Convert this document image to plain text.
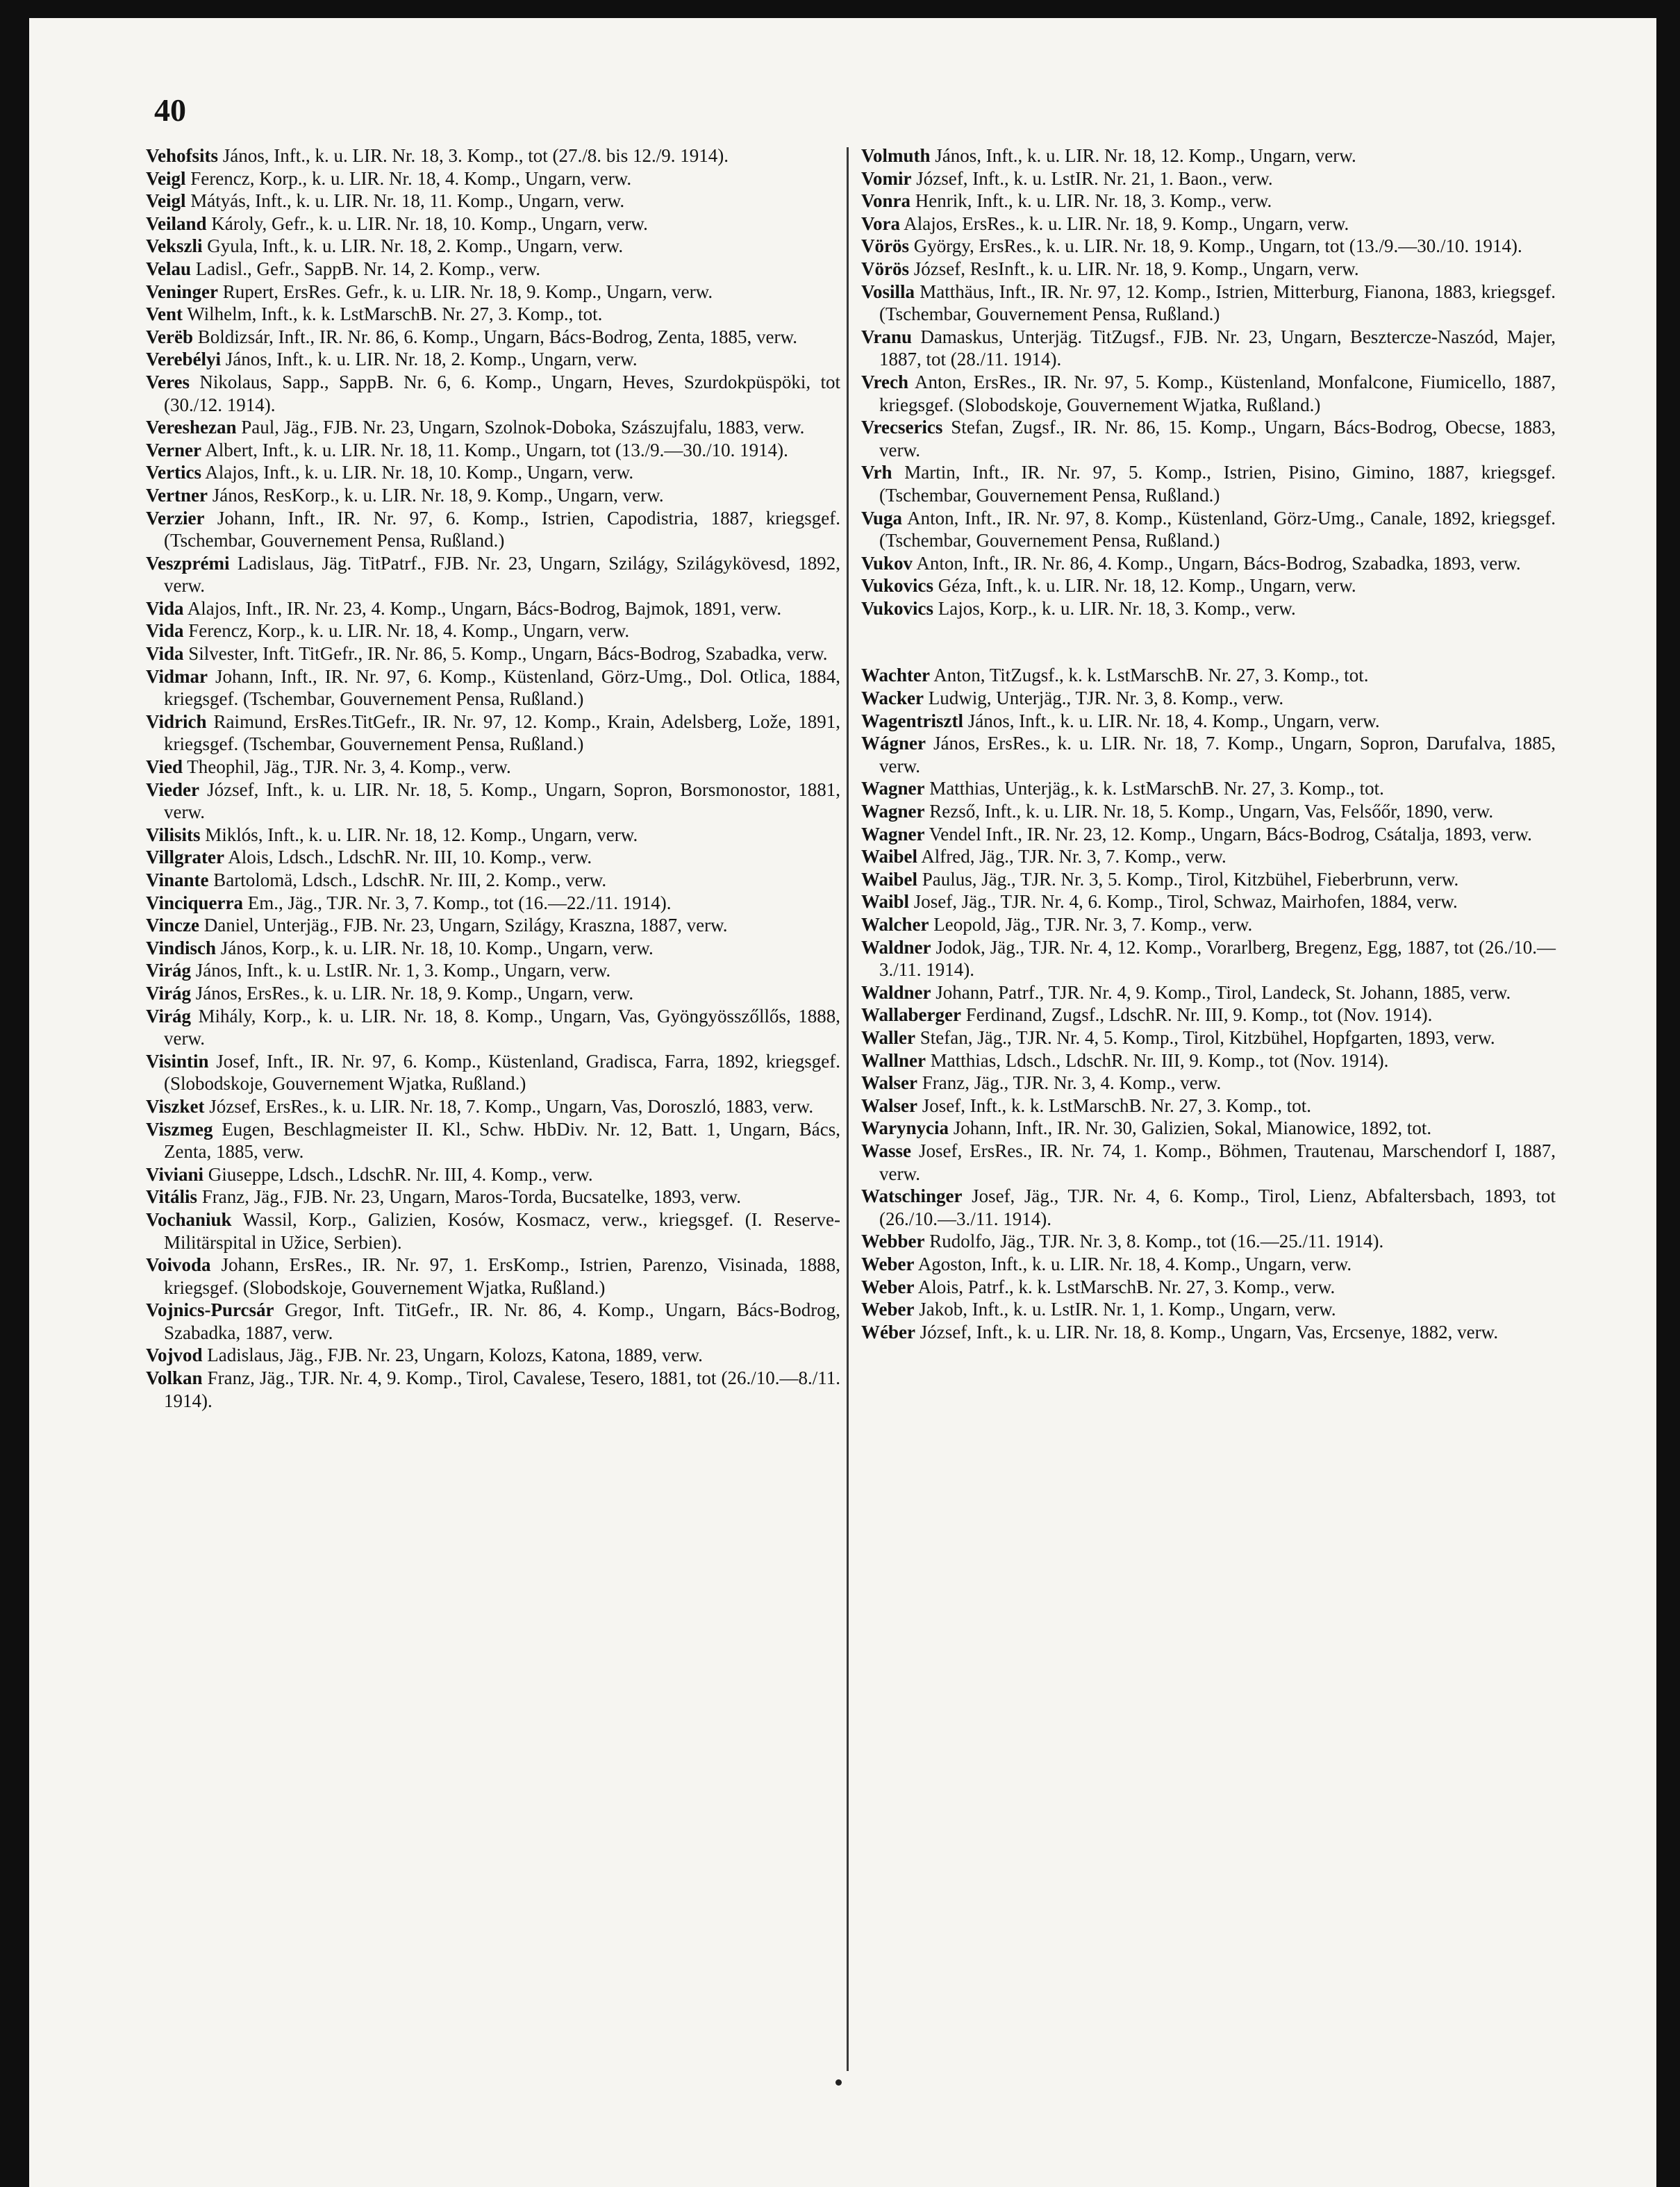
40

Vehofsits János, Inft., k. u. LIR. Nr. 18, 3. Komp., tot (27./8. bis 12./9. 1914).

Veigl Ferencz, Korp., k. u. LIR. Nr. 18, 4. Komp., Ungarn, verw.

Veigl Mátyás, Inft., k. u. LIR. Nr. 18, 11. Komp., Ungarn, verw.

Veiland Károly, Gefr., k. u. LIR. Nr. 18, 10. Komp., Ungarn, verw.

Vekszli Gyula, Inft., k. u. LIR. Nr. 18, 2. Komp., Ungarn, verw.

Velau Ladisl., Gefr., SappB. Nr. 14, 2. Komp., verw.

Veninger Rupert, ErsRes. Gefr., k. u. LIR. Nr. 18, 9. Komp., Ungarn, verw.

Vent Wilhelm, Inft., k. k. LstMarschB. Nr. 27, 3. Komp., tot.

Verëb Boldizsár, Inft., IR. Nr. 86, 6. Komp., Ungarn, Bács-Bodrog, Zenta, 1885, verw.

Verebélyi János, Inft., k. u. LIR. Nr. 18, 2. Komp., Ungarn, verw.

Veres Nikolaus, Sapp., SappB. Nr. 6, 6. Komp., Ungarn, Heves, Szurdokpüspöki, tot (30./12. 1914).

Vereshezan Paul, Jäg., FJB. Nr. 23, Ungarn, Szolnok-Doboka, Szászujfalu, 1883, verw.

Verner Albert, Inft., k. u. LIR. Nr. 18, 11. Komp., Ungarn, tot (13./9.—30./10. 1914).

Vertics Alajos, Inft., k. u. LIR. Nr. 18, 10. Komp., Ungarn, verw.

Vertner János, ResKorp., k. u. LIR. Nr. 18, 9. Komp., Ungarn, verw.

Verzier Johann, Inft., IR. Nr. 97, 6. Komp., Istrien, Capodistria, 1887, kriegsgef. (Tschembar, Gouvernement Pensa, Rußland.)

Veszprémi Ladislaus, Jäg. TitPatrf., FJB. Nr. 23, Ungarn, Szilágy, Szilágykövesd, 1892, verw.

Vida Alajos, Inft., IR. Nr. 23, 4. Komp., Ungarn, Bács-Bodrog, Bajmok, 1891, verw.

Vida Ferencz, Korp., k. u. LIR. Nr. 18, 4. Komp., Ungarn, verw.

Vida Silvester, Inft. TitGefr., IR. Nr. 86, 5. Komp., Ungarn, Bács-Bodrog, Szabadka, verw.

Vidmar Johann, Inft., IR. Nr. 97, 6. Komp., Küstenland, Görz-Umg., Dol. Otlica, 1884, kriegsgef. (Tschembar, Gouvernement Pensa, Rußland.)

Vidrich Raimund, ErsRes.TitGefr., IR. Nr. 97, 12. Komp., Krain, Adelsberg, Lože, 1891, kriegsgef. (Tschembar, Gouvernement Pensa, Rußland.)

Vied Theophil, Jäg., TJR. Nr. 3, 4. Komp., verw.

Vieder József, Inft., k. u. LIR. Nr. 18, 5. Komp., Ungarn, Sopron, Borsmonostor, 1881, verw.

Vilisits Miklós, Inft., k. u. LIR. Nr. 18, 12. Komp., Ungarn, verw.

Villgrater Alois, Ldsch., LdschR. Nr. III, 10. Komp., verw.

Vinante Bartolomä, Ldsch., LdschR. Nr. III, 2. Komp., verw.

Vinciquerra Em., Jäg., TJR. Nr. 3, 7. Komp., tot (16.—22./11. 1914).

Vincze Daniel, Unterjäg., FJB. Nr. 23, Ungarn, Szilágy, Kraszna, 1887, verw.

Vindisch János, Korp., k. u. LIR. Nr. 18, 10. Komp., Ungarn, verw.

Virág János, Inft., k. u. LstIR. Nr. 1, 3. Komp., Ungarn, verw.

Virág János, ErsRes., k. u. LIR. Nr. 18, 9. Komp., Ungarn, verw.

Virág Mihály, Korp., k. u. LIR. Nr. 18, 8. Komp., Ungarn, Vas, Gyöngyösszőllős, 1888, verw.

Visintin Josef, Inft., IR. Nr. 97, 6. Komp., Küstenland, Gradisca, Farra, 1892, kriegsgef. (Slobodskoje, Gouvernement Wjatka, Rußland.)

Viszket József, ErsRes., k. u. LIR. Nr. 18, 7. Komp., Ungarn, Vas, Doroszló, 1883, verw.

Viszmeg Eugen, Beschlagmeister II. Kl., Schw. HbDiv. Nr. 12, Batt. 1, Ungarn, Bács, Zenta, 1885, verw.

Viviani Giuseppe, Ldsch., LdschR. Nr. III, 4. Komp., verw.

Vitális Franz, Jäg., FJB. Nr. 23, Ungarn, Maros-Torda, Bucsatelke, 1893, verw.

Vochaniuk Wassil, Korp., Galizien, Kosów, Kosmacz, verw., kriegsgef. (I. Reserve-Militärspital in Užice, Serbien).

Voivoda Johann, ErsRes., IR. Nr. 97, 1. ErsKomp., Istrien, Parenzo, Visinada, 1888, kriegsgef. (Slobodskoje, Gouvernement Wjatka, Rußland.)

Vojnics-Purcsár Gregor, Inft. TitGefr., IR. Nr. 86, 4. Komp., Ungarn, Bács-Bodrog, Szabadka, 1887, verw.

Vojvod Ladislaus, Jäg., FJB. Nr. 23, Ungarn, Kolozs, Katona, 1889, verw.

Volkan Franz, Jäg., TJR. Nr. 4, 9. Komp., Tirol, Cavalese, Tesero, 1881, tot (26./10.—8./11. 1914).

Volmuth János, Inft., k. u. LIR. Nr. 18, 12. Komp., Ungarn, verw.

Vomir József, Inft., k. u. LstIR. Nr. 21, 1. Baon., verw.

Vonra Henrik, Inft., k. u. LIR. Nr. 18, 3. Komp., verw.

Vora Alajos, ErsRes., k. u. LIR. Nr. 18, 9. Komp., Ungarn, verw.

Vörös György, ErsRes., k. u. LIR. Nr. 18, 9. Komp., Ungarn, tot (13./9.—30./10. 1914).

Vörös József, ResInft., k. u. LIR. Nr. 18, 9. Komp., Ungarn, verw.

Vosilla Matthäus, Inft., IR. Nr. 97, 12. Komp., Istrien, Mitterburg, Fianona, 1883, kriegsgef. (Tschembar, Gouvernement Pensa, Rußland.)

Vranu Damaskus, Unterjäg. TitZugsf., FJB. Nr. 23, Ungarn, Besztercze-Naszód, Majer, 1887, tot (28./11. 1914).

Vrech Anton, ErsRes., IR. Nr. 97, 5. Komp., Küstenland, Monfalcone, Fiumicello, 1887, kriegsgef. (Slobodskoje, Gouvernement Wjatka, Rußland.)

Vrecserics Stefan, Zugsf., IR. Nr. 86, 15. Komp., Ungarn, Bács-Bodrog, Obecse, 1883, verw.

Vrh Martin, Inft., IR. Nr. 97, 5. Komp., Istrien, Pisino, Gimino, 1887, kriegsgef. (Tschembar, Gouvernement Pensa, Rußland.)

Vuga Anton, Inft., IR. Nr. 97, 8. Komp., Küstenland, Görz-Umg., Canale, 1892, kriegsgef. (Tschembar, Gouvernement Pensa, Rußland.)

Vukov Anton, Inft., IR. Nr. 86, 4. Komp., Ungarn, Bács-Bodrog, Szabadka, 1893, verw.

Vukovics Géza, Inft., k. u. LIR. Nr. 18, 12. Komp., Ungarn, verw.

Vukovics Lajos, Korp., k. u. LIR. Nr. 18, 3. Komp., verw.

Wachter Anton, TitZugsf., k. k. LstMarschB. Nr. 27, 3. Komp., tot.

Wacker Ludwig, Unterjäg., TJR. Nr. 3, 8. Komp., verw.

Wagentrisztl János, Inft., k. u. LIR. Nr. 18, 4. Komp., Ungarn, verw.

Wágner János, ErsRes., k. u. LIR. Nr. 18, 7. Komp., Ungarn, Sopron, Darufalva, 1885, verw.

Wagner Matthias, Unterjäg., k. k. LstMarschB. Nr. 27, 3. Komp., tot.

Wagner Rezső, Inft., k. u. LIR. Nr. 18, 5. Komp., Ungarn, Vas, Felsőőr, 1890, verw.

Wagner Vendel Inft., IR. Nr. 23, 12. Komp., Ungarn, Bács-Bodrog, Csátalja, 1893, verw.

Waibel Alfred, Jäg., TJR. Nr. 3, 7. Komp., verw.

Waibel Paulus, Jäg., TJR. Nr. 3, 5. Komp., Tirol, Kitzbühel, Fieberbrunn, verw.

Waibl Josef, Jäg., TJR. Nr. 4, 6. Komp., Tirol, Schwaz, Mairhofen, 1884, verw.

Walcher Leopold, Jäg., TJR. Nr. 3, 7. Komp., verw.

Waldner Jodok, Jäg., TJR. Nr. 4, 12. Komp., Vorarlberg, Bregenz, Egg, 1887, tot (26./10.—3./11. 1914).

Waldner Johann, Patrf., TJR. Nr. 4, 9. Komp., Tirol, Landeck, St. Johann, 1885, verw.

Wallaberger Ferdinand, Zugsf., LdschR. Nr. III, 9. Komp., tot (Nov. 1914).

Waller Stefan, Jäg., TJR. Nr. 4, 5. Komp., Tirol, Kitzbühel, Hopfgarten, 1893, verw.

Wallner Matthias, Ldsch., LdschR. Nr. III, 9. Komp., tot (Nov. 1914).

Walser Franz, Jäg., TJR. Nr. 3, 4. Komp., verw.

Walser Josef, Inft., k. k. LstMarschB. Nr. 27, 3. Komp., tot.

Warynycia Johann, Inft., IR. Nr. 30, Galizien, Sokal, Mianowice, 1892, tot.

Wasse Josef, ErsRes., IR. Nr. 74, 1. Komp., Böhmen, Trautenau, Marschendorf I, 1887, verw.

Watschinger Josef, Jäg., TJR. Nr. 4, 6. Komp., Tirol, Lienz, Abfaltersbach, 1893, tot (26./10.—3./11. 1914).

Webber Rudolfo, Jäg., TJR. Nr. 3, 8. Komp., tot (16.—25./11. 1914).

Weber Agoston, Inft., k. u. LIR. Nr. 18, 4. Komp., Ungarn, verw.

Weber Alois, Patrf., k. k. LstMarschB. Nr. 27, 3. Komp., verw.

Weber Jakob, Inft., k. u. LstIR. Nr. 1, 1. Komp., Ungarn, verw.

Wéber József, Inft., k. u. LIR. Nr. 18, 8. Komp., Ungarn, Vas, Ercsenye, 1882, verw.
